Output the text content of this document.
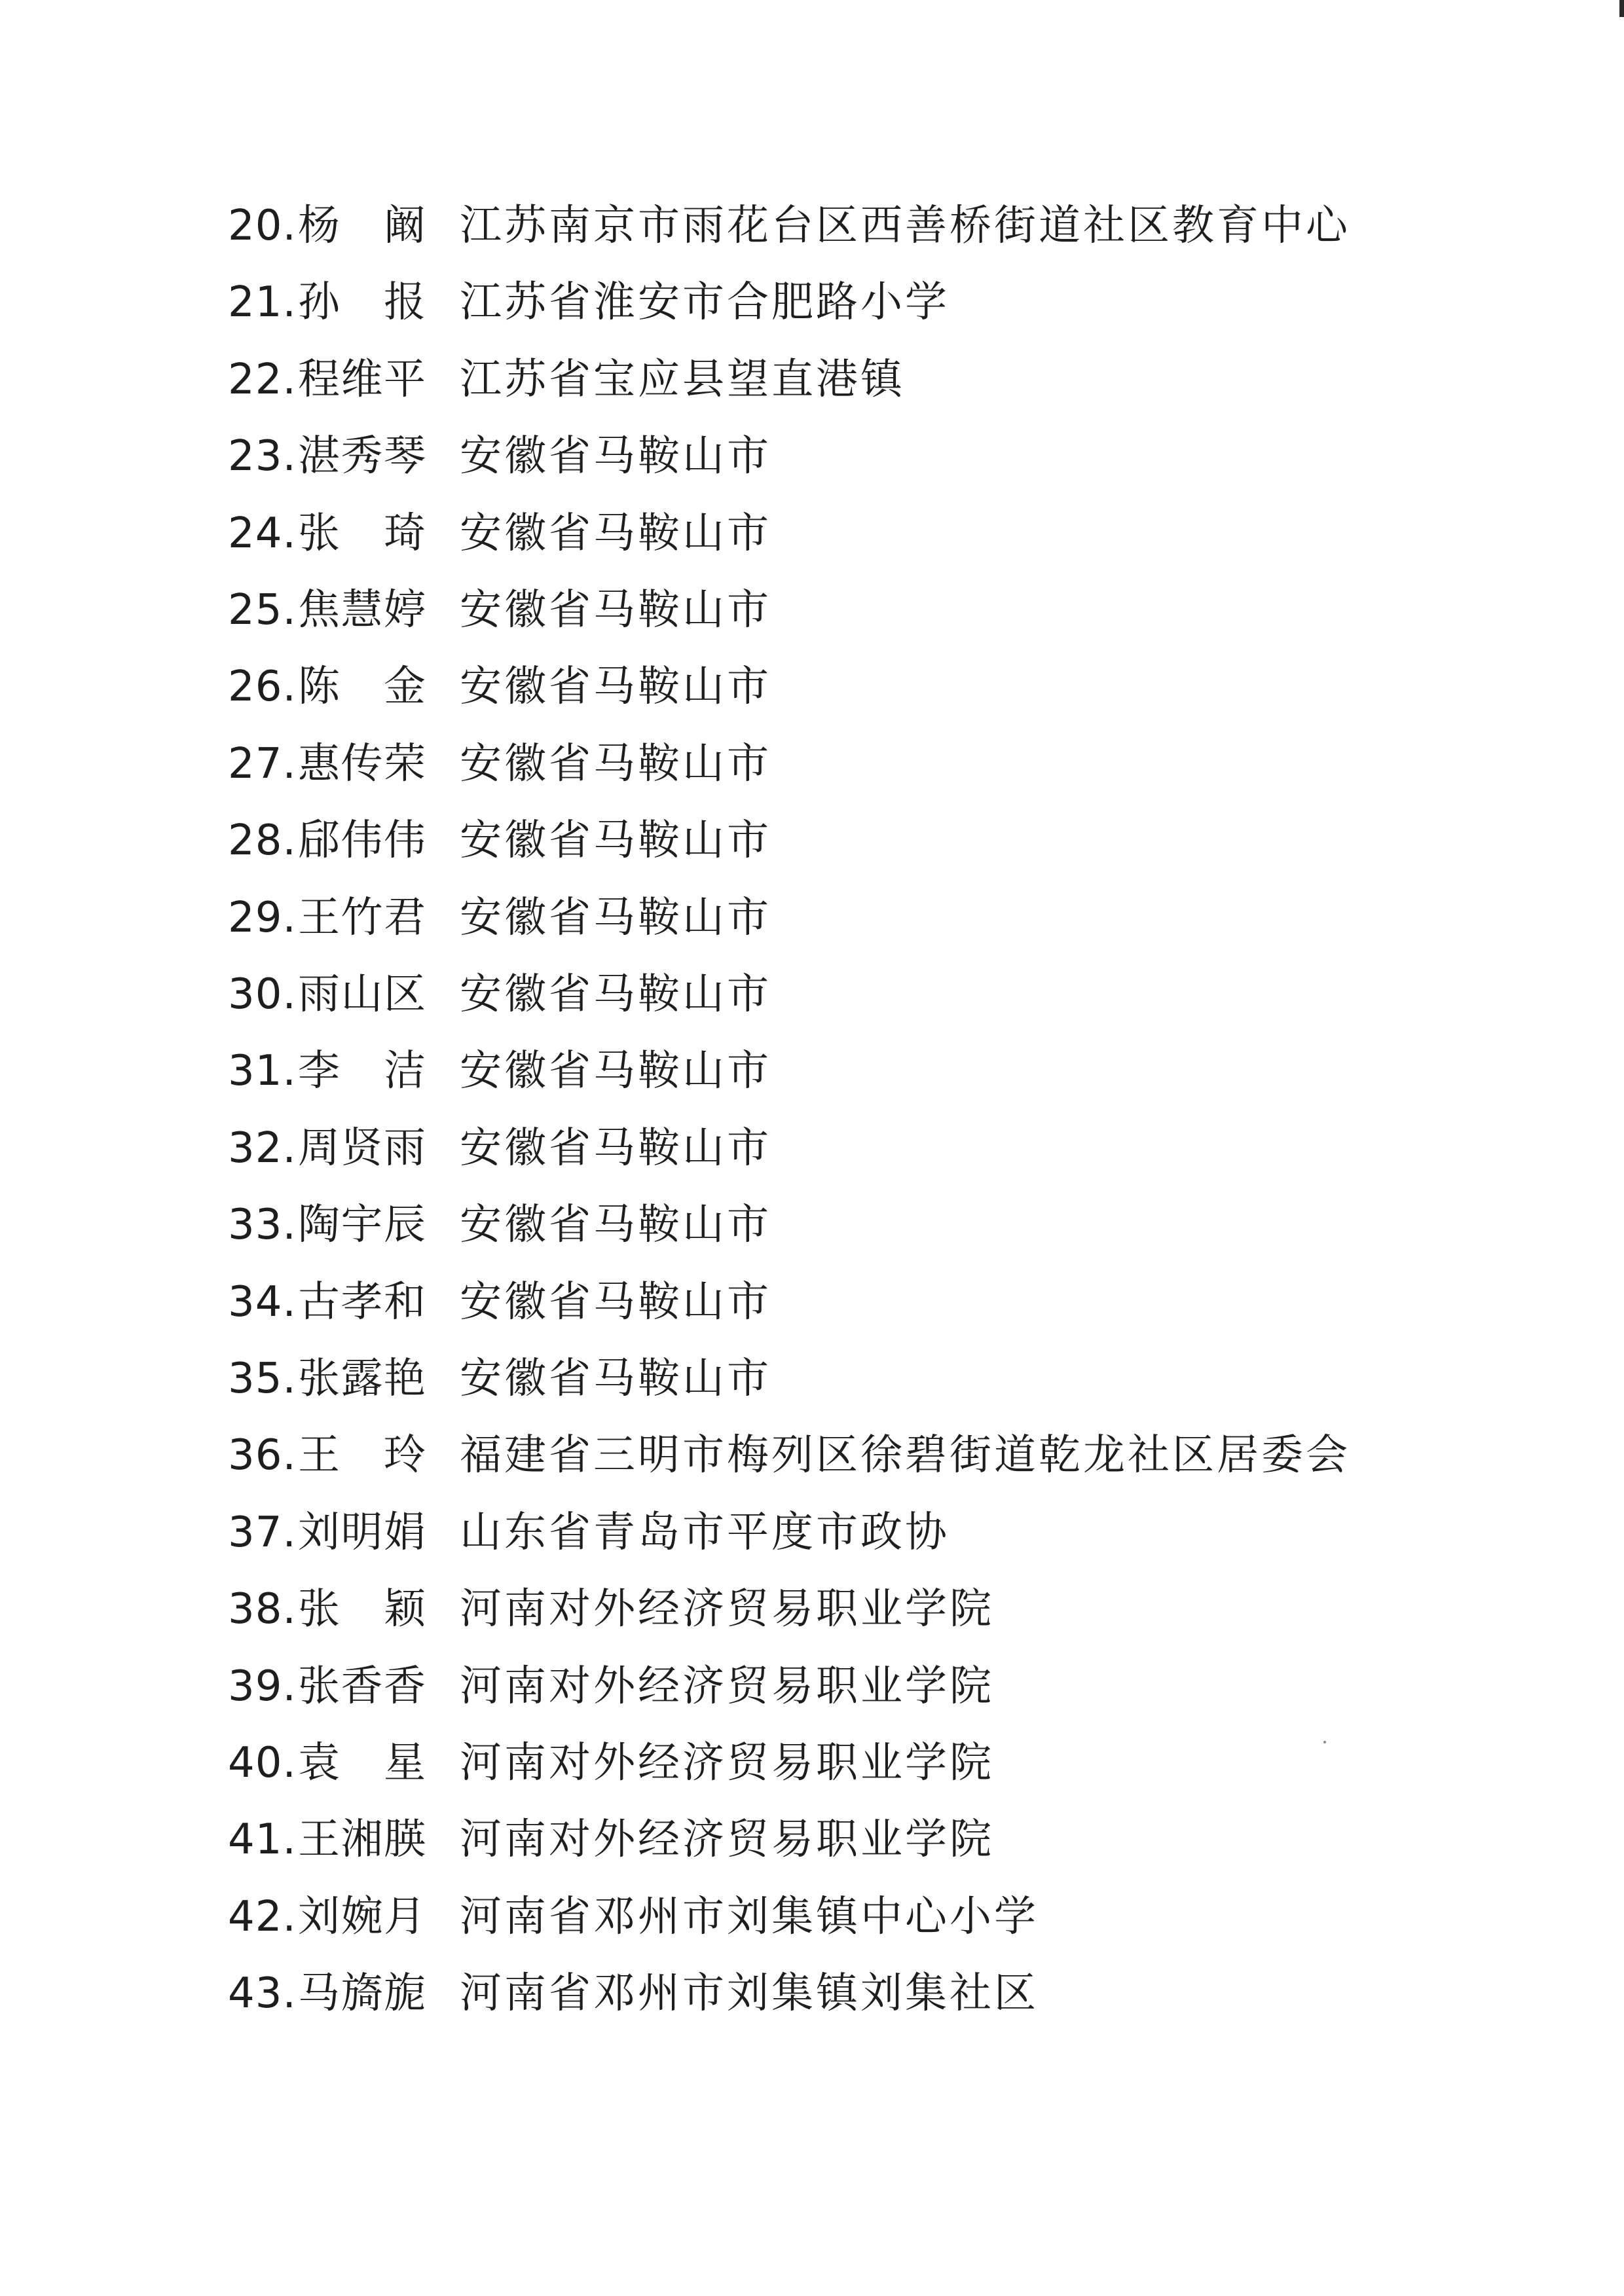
20. 杨 阚 江苏南京市雨花台区西善桥街道社区教育中心
21. 孙 报 江苏省淮安市合肥路小学
22. 程 维 平 江苏省宝应县望直港镇
23. 湛 秀 琴 安徽省马鞍山市
24. 张 琦 安徽省马鞍山市
25. 焦 慧 婷 安徽省马鞍山市
26. 陈 金 安徽省马鞍山市
27. 惠 传 荣 安徽省马鞍山市
28. 郈 伟 伟 安徽省马鞍山市
29. 王 竹 君 安徽省马鞍山市
30. 雨 山 区 安徽省马鞍山市
31. 李 洁 安徽省马鞍山市
32. 周 贤 雨 安徽省马鞍山市
33. 陶 宇 辰 安徽省马鞍山市
34. 古 孝 和 安徽省马鞍山市
35. 张 露 艳 安徽省马鞍山市
36. 王 玲 福建省三明市梅列区徐碧街道乾龙社区居委会
37. 刘 明 娟 山东省青岛市平度市政协
38. 张 颖 河南对外经济贸易职业学院
39. 张 香 香 河南对外经济贸易职业学院
40. 袁 星 河南对外经济贸易职业学院
41. 王 湘 朠 河南对外经济贸易职业学院
42. 刘 婉 月 河南省邓州市刘集镇中心小学
43. 马 旖 旎 河南省邓州市刘集镇刘集社区
